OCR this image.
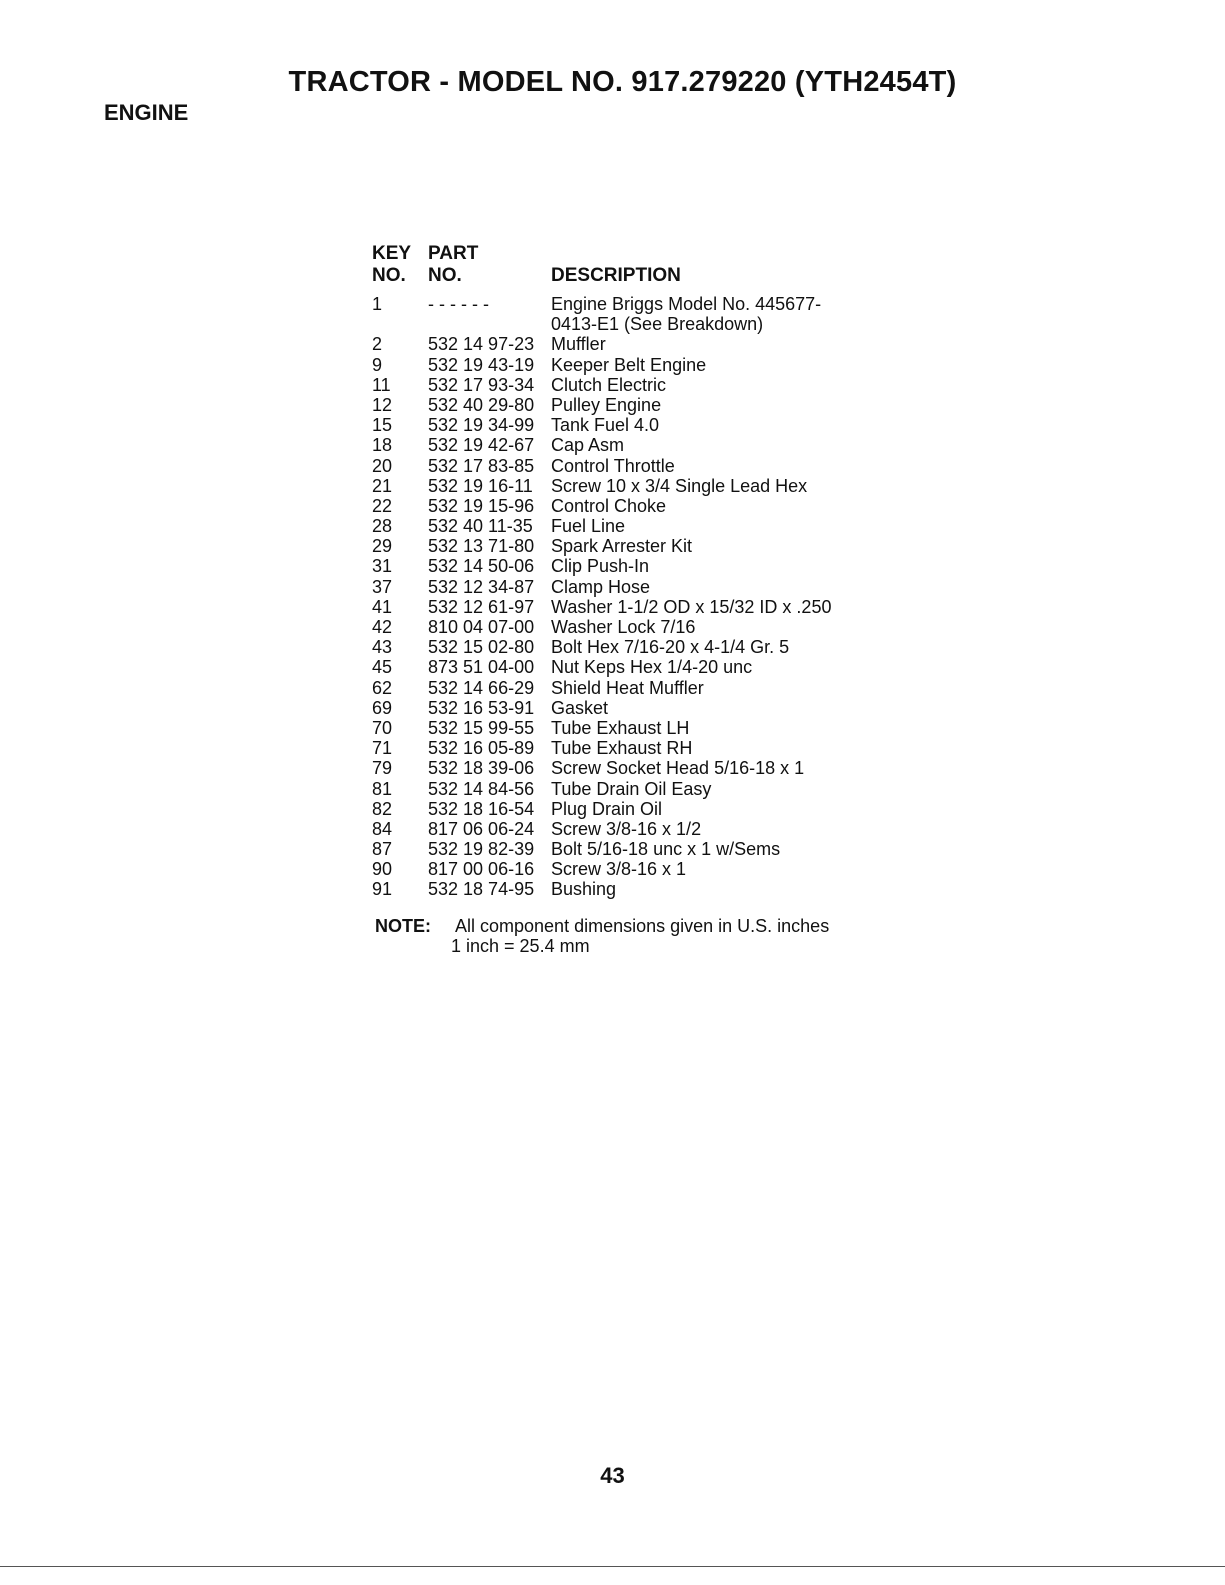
TRACTOR - MODEL NO. 917.279220 (YTH2454T)
ENGINE
KEY PART
NO. NO.	DESCRIPTION
1	- - - - - -	Engine Briggs Model No. 445677-
0413-E1 (See Breakdown)
2	532 14 97-23 Muffler
9	532 19 43-19 Keeper Belt Engine
11 532 17 93-34 Clutch Electric
12 532 40 29-80 Pulley Engine
15 532 19 34-99 Tank Fuel 4.0
18 532 19 42-67 Cap Asm
20 532 17 83-85 Control Throttle
21 532 19 16-11 Screw 10 x 3/4 Single Lead Hex
22 532 19 15-96 Control Choke
28 532 40 11-35 Fuel Line
29 532 13 71-80 Spark Arrester Kit
31 532 14 50-06 Clip Push-In
37 532 12 34-87 Clamp Hose
41 532 12 61-97 Washer 1-1/2 OD x 15/32 ID x .250
42 810 04 07-00 Washer Lock 7/16
43 532 15 02-80 Bolt Hex 7/16-20 x 4-1/4 Gr. 5
45 873 51 04-00 Nut Keps Hex 1/4-20 unc
62 532 14 66-29 Shield Heat Muffler
69 532 16 53-91 Gasket
70 532 15 99-55 Tube Exhaust LH
71 532 16 05-89 Tube Exhaust RH
79 532 18 39-06 Screw Socket Head 5/16-18 x 1
81 532 14 84-56 Tube Drain Oil Easy
82 532 18 16-54 Plug Drain Oil
84 817 06 06-24 Screw 3/8-16 x 1/2
87 532 19 82-39 Bolt 5/16-18 unc x 1 w/Sems
90 817 00 06-16 Screw 3/8-16 x 1
91 532 18 74-95 Bushing
NOTE: All component dimensions given in U.S. inches
1 inch = 25.4 mm
43
